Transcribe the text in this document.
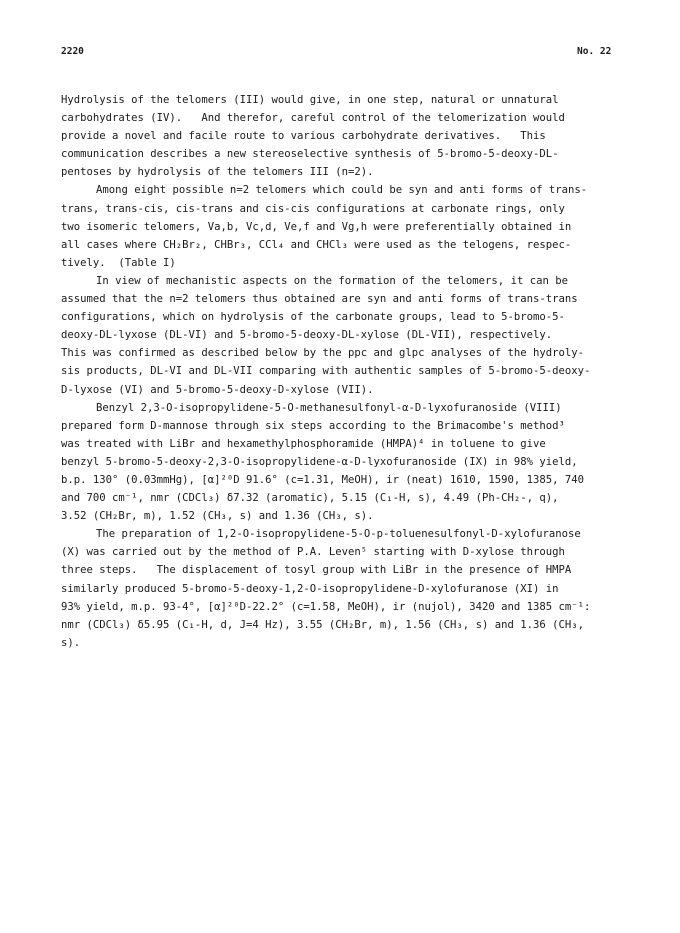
2220	No. 22
Hydrolysis of the telomers (III) would give, in one step, natural or unnatural
carbohydrates (IV).   And therefor, careful control of the telomerization would
provide a novel and facile route to various carbohydrate derivatives.   This
communication describes a new stereoselective synthesis of 5-bromo-5-deoxy-DL-
pentoses by hydrolysis of the telomers III (n=2).
Among eight possible n=2 telomers which could be syn and anti forms of trans-
trans, trans-cis, cis-trans and cis-cis configurations at carbonate rings, only
two isomeric telomers, Va,b, Vc,d, Ve,f and Vg,h were preferentially obtained in
all cases where CH₂Br₂, CHBr₃, CCl₄ and CHCl₃ were used as the telogens, respec-
tively.  (Table I)
In view of mechanistic aspects on the formation of the telomers, it can be
assumed that the n=2 telomers thus obtained are syn and anti forms of trans-trans
configurations, which on hydrolysis of the carbonate groups, lead to 5-bromo-5-
deoxy-DL-lyxose (DL-VI) and 5-bromo-5-deoxy-DL-xylose (DL-VII), respectively.
This was confirmed as described below by the ppc and glpc analyses of the hydroly-
sis products, DL-VI and DL-VII comparing with authentic samples of 5-bromo-5-deoxy-
D-lyxose (VI) and 5-bromo-5-deoxy-D-xylose (VII).
Benzyl 2,3-O-isopropylidene-5-O-methanesulfonyl-α-D-lyxofuranoside (VIII)
prepared form D-mannose through six steps according to the Brimacombe's method³
was treated with LiBr and hexamethylphosphoramide (HMPA)⁴ in toluene to give
benzyl 5-bromo-5-deoxy-2,3-O-isopropylidene-α-D-lyxofuranoside (IX) in 98% yield,
b.p. 130° (0.03mmHg), [α]²⁰D 91.6° (c=1.31, MeOH), ir (neat) 1610, 1590, 1385, 740
and 700 cm⁻¹, nmr (CDCl₃) δ7.32 (aromatic), 5.15 (C₁-H, s), 4.49 (Ph-CH₂-, q),
3.52 (CH₂Br, m), 1.52 (CH₃, s) and 1.36 (CH₃, s).
The preparation of 1,2-O-isopropylidene-5-O-p-toluenesulfonyl-D-xylofuranose
(X) was carried out by the method of P.A. Leven⁵ starting with D-xylose through
three steps.   The displacement of tosyl group with LiBr in the presence of HMPA
similarly produced 5-bromo-5-deoxy-1,2-O-isopropylidene-D-xylofuranose (XI) in
93% yield, m.p. 93-4°, [α]²⁰D-22.2° (c=1.58, MeOH), ir (nujol), 3420 and 1385 cm⁻¹:
nmr (CDCl₃) δ5.95 (C₁-H, d, J=4 Hz), 3.55 (CH₂Br, m), 1.56 (CH₃, s) and 1.36 (CH₃,
s).
